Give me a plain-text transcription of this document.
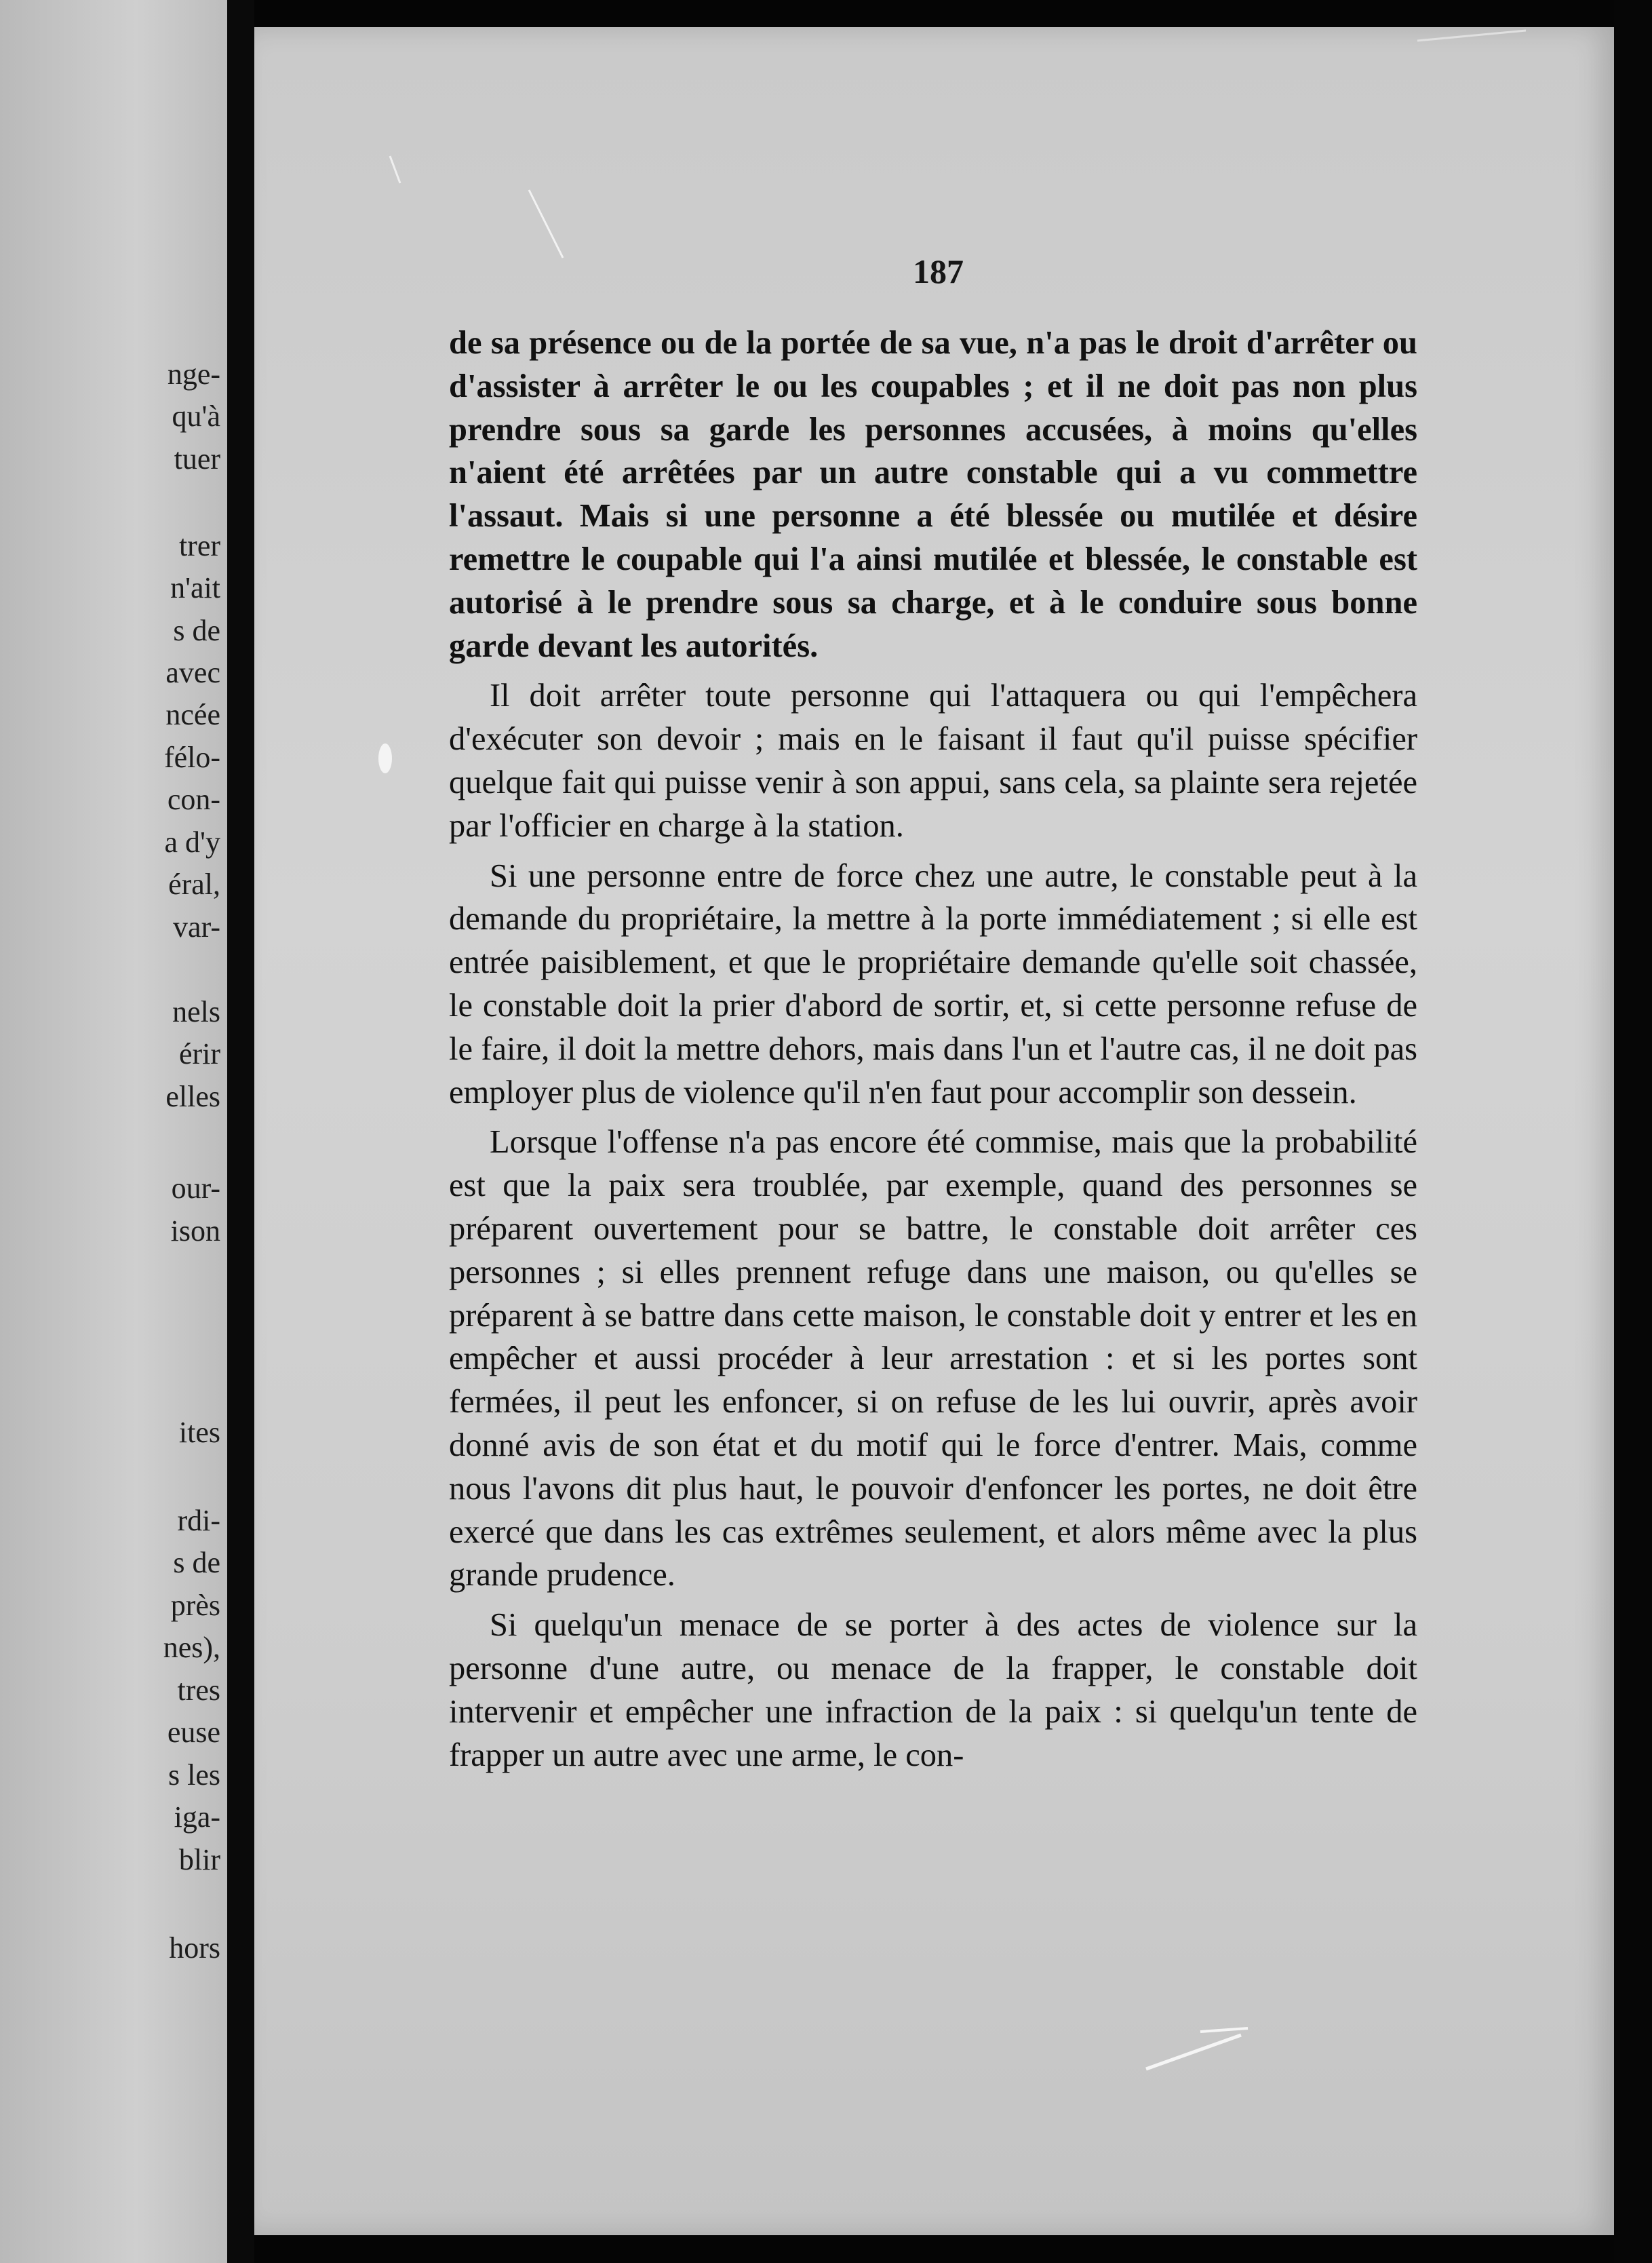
nge-
qu'à
tuer
trer
n'ait
s de
avec
ncée
félo-
con-
a d'y
éral,
var-
nels
érir
elles
our-
ison
ites
rdi-
s de
près
nes),
tres
euse
s les
iga-
blir
hors
187

de sa présence ou de la portée de sa vue, n'a pas le droit d'arrêter ou d'assister à arrêter le ou les coupables ; et il ne doit pas non plus prendre sous sa garde les personnes accusées, à moins qu'elles n'aient été arrêtées par un autre constable qui a vu commettre l'assaut. Mais si une personne a été blessée ou mutilée et désire remettre le coupable qui l'a ainsi mutilée et blessée, le constable est autorisé à le prendre sous sa charge, et à le conduire sous bonne garde devant les autorités.

Il doit arrêter toute personne qui l'attaquera ou qui l'empêchera d'exécuter son devoir ; mais en le faisant il faut qu'il puisse spécifier quelque fait qui puisse venir à son appui, sans cela, sa plainte sera rejetée par l'officier en charge à la station.

Si une personne entre de force chez une autre, le constable peut à la demande du propriétaire, la mettre à la porte immédiatement ; si elle est entrée paisiblement, et que le propriétaire demande qu'elle soit chassée, le constable doit la prier d'abord de sortir, et, si cette personne refuse de le faire, il doit la mettre dehors, mais dans l'un et l'autre cas, il ne doit pas employer plus de violence qu'il n'en faut pour accomplir son dessein.

Lorsque l'offense n'a pas encore été commise, mais que la probabilité est que la paix sera troublée, par exemple, quand des personnes se préparent ouvertement pour se battre, le constable doit arrêter ces personnes ; si elles prennent refuge dans une maison, ou qu'elles se préparent à se battre dans cette maison, le constable doit y entrer et les en empêcher et aussi procéder à leur arrestation : et si les portes sont fermées, il peut les enfoncer, si on refuse de les lui ouvrir, après avoir donné avis de son état et du motif qui le force d'entrer. Mais, comme nous l'avons dit plus haut, le pouvoir d'enfoncer les portes, ne doit être exercé que dans les cas extrêmes seulement, et alors même avec la plus grande prudence.

Si quelqu'un menace de se porter à des actes de violence sur la personne d'une autre, ou menace de la frapper, le constable doit intervenir et empêcher une infraction de la paix : si quelqu'un tente de frapper un autre avec une arme, le con-
